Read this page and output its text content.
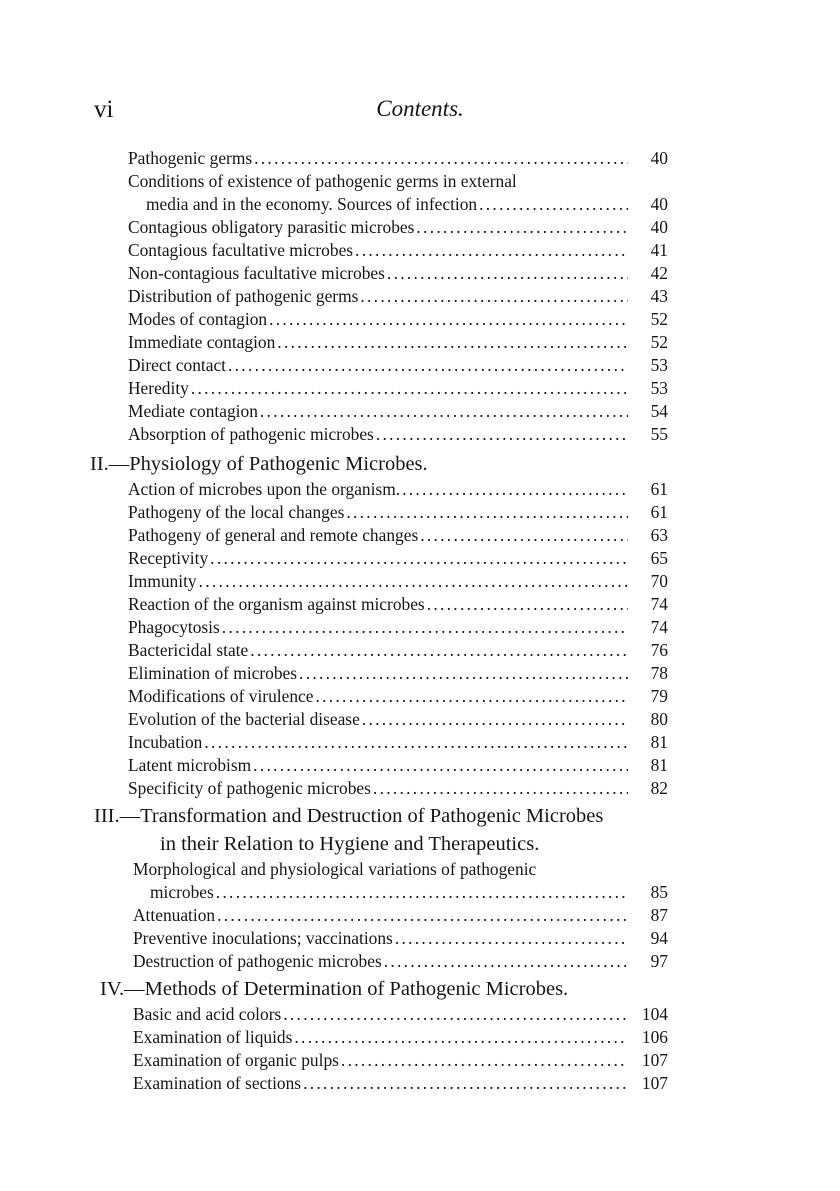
vi	Contents.
Pathogenic germs .....	40
Conditions of existence of pathogenic germs in external
media and in the economy. Sources of infection .....	40
Contagious obligatory parasitic microbes .....	40
Contagious facultative microbes .....	41
Non-contagious facultative microbes .....	42
Distribution of pathogenic germs .....	43
Modes of contagion .....	52
Immediate contagion .....	52
Direct contact .....	53
Heredity .....	53
Mediate contagion .....	54
Absorption of pathogenic microbes .....	55
II.—Physiology of Pathogenic Microbes.
Action of microbes upon the organism. .....	61
Pathogeny of the local changes .....	61
Pathogeny of general and remote changes .....	63
Receptivity .....	65
Immunity .....	70
Reaction of the organism against microbes .....	74
Phagocytosis .....	74
Bactericidal state .....	76
Elimination of microbes .....	78
Modifications of virulence .....	79
Evolution of the bacterial disease .....	80
Incubation .....	81
Latent microbism .....	81
Specificity of pathogenic microbes .....	82
III.—Transformation and Destruction of Pathogenic Microbes
in their Relation to Hygiene and Therapeutics.
Morphological and physiological variations of pathogenic
microbes .....	85
Attenuation .....	87
Preventive inoculations; vaccinations .....	94
Destruction of pathogenic microbes .....	97
IV.—Methods of Determination of Pathogenic Microbes.
Basic and acid colors .....	104
Examination of liquids .....	106
Examination of organic pulps .....	107
Examination of sections .....	107
